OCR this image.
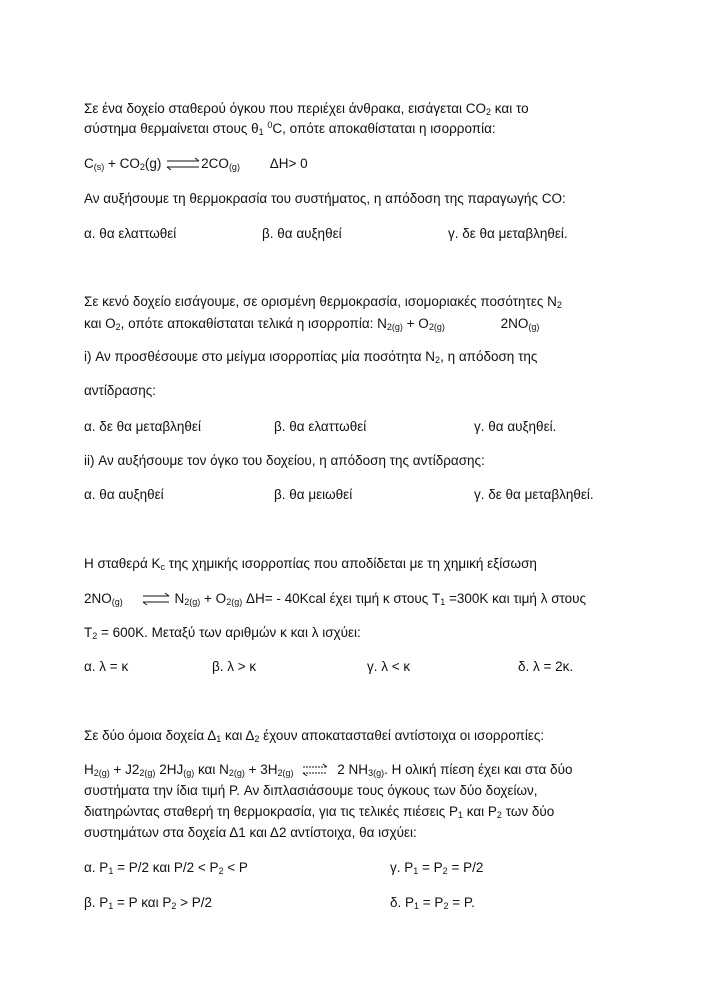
Σε ένα δοχείο σταθερού όγκου που περιέχει άνθρακα, εισάγεται $CO_2$ και το
σύστημα θερμαίνεται στους $\theta_1$ $^0$C, οπότε αποκαθίσταται η ισορροπία:
$C_{(s)} + CO_2(g)$ $\rightleftharpoons 2CO_{(g)}$ ΔΗ> 0
Αν αυξήσουμε τη θερμοκρασία του συστήματος, η απόδοση της παραγωγής CO:
α. θα ελαττωθεί	β. θα αυξηθεί	γ. δε θα μεταβληθεί.
Σε κενό δοχείο εισάγουμε, σε ορισμένη θερμοκρασία, ισομοριακές ποσότητες $N_2$
και $O_2$, οπότε αποκαθίσταται τελικά η ισορροπία: $N_{2(g)} + O_{2(g)}$	$2NO_{(g)}$
i) Αν προσθέσουμε στο μείγμα ισορροπίας μία ποσότητα $N_2$, η απόδοση της
αντίδρασης:
α. δε θα μεταβληθεί	β. θα ελαττωθεί	γ. θα αυξηθεί.
ii) Αν αυξήσουμε τον όγκο του δοχείου, η απόδοση της αντίδρασης:
α. θα αυξηθεί	β. θα μειωθεί	γ. δε θα μεταβληθεί.
Η σταθερά $K_c$ της χημικής ισορροπίας που αποδίδεται με τη χημική εξίσωση
$2NO_{(g)}$ ⇌ $N_{2(g)} + O_{2(g)}$ ΔΗ= - 40Kcal έχει τιμή κ στους $T_1 =300K$ και τιμή λ στους
$T_2 = 600K$. Μεταξύ των αριθμών κ και λ ισχύει:
α. λ = κ	β. λ > κ	γ. λ < κ	δ. λ = 2κ.
Σε δύο όμοια δοχεία $\Delta_1$ και $\Delta_2$ έχουν αποκατασταθεί αντίστοιχα οι ισορροπίες:
$H_{2(g)} + J2_{2(g)}$ $2HJ_{(g)}$ και $N_{2(g)} + 3H_{2(g)}$ ⇌ 2 $NH_{3(g)}$. Η ολική πίεση έχει και στα δύο
συστήματα την ίδια τιμή P. Αν διπλασιάσουμε τους όγκους των δύο δοχείων,
διατηρώντας σταθερή τη θερμοκρασία, για τις τελικές πιέσεις $P_1$ και $P_2$ των δύο
συστημάτων στα δοχεία Δ1 και Δ2 αντίστοιχα, θα ισχύει:
α. $P_1 = P/2$ και $P/2 < P_2 < P$	γ. $P_1 = P_2 = P/2$
β. $P_1 = P$ και $P_2 > P/2$	δ. $P_1 = P_2 = P$.
